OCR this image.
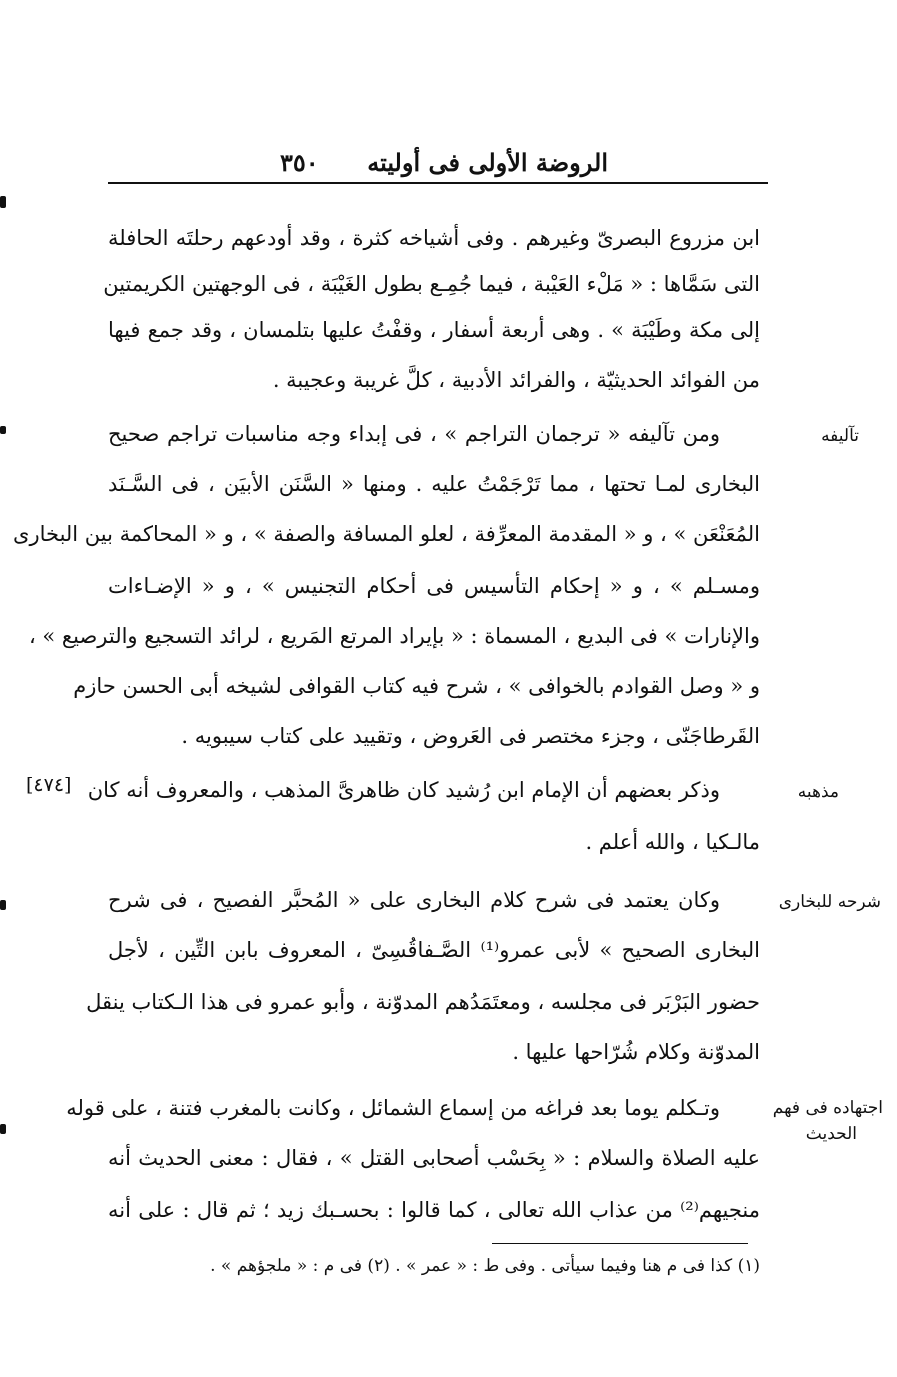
الروضة الأولى فى أوليته
٣٥٠
ابن مزروع البصرىّ وغيرهم . وفى أشياخه كثرة ، وقد أودعهم رحلتَه الحافلة
التى سَمَّاها : « مَلْء العَيْبة ، فيما جُمِـع بطول الغَيْبَة ، فى الوجهتين الكريمتين
إلى مكة وطَيْبَة » . وهى أربعة أسفار ، وقفْتُ عليها بتلمسان ، وقد جمع فيها
من الفوائد الحديثيّة ، والفرائد الأدبية ، كلَّ غريبة وعجيبة .
ومن تآليفه « ترجمان التراجم » ، فى إبداء وجه مناسبات تراجم صحيح
البخارى لمـا تحتها ، مما تَرْجَمْتُ عليه . ومنها « السَّنَن الأبيَن ، فى السَّـنَد
المُعَنْعَن » ، و « المقدمة المعرِّفة ، لعلو المسافة والصفة » ، و « المحاكمة بين البخارى
ومسـلم » ، و « إحكام التأسيس فى أحكام التجنيس » ، و « الإضـاءات
والإنارات » فى البديع ، المسماة : « بإيراد المرتع المَريع ، لرائد التسجيع والترصيع » ،
و « وصل القوادم بالخوافى » ، شرح فيه كتاب القوافى لشيخه أبى الحسن حازم
القَرطاجَنّى ، وجزء مختصر فى العَروض ، وتقييد على كتاب سيبويه .
وذكر بعضهم أن الإمام ابن رُشيد كان ظاهرىَّ المذهب ، والمعروف أنه كان
مالـكيا ، والله أعلم .
وكان يعتمد فى شرح كلام البخارى على « المُحبَّر الفصيح ، فى شرح
البخارى الصحيح » لأبى عمرو⁽¹⁾ الصَّـفاقُسِىّ ، المعروف بابن التِّين ، لأجل
حضور البَرْبَر فى مجلسه ، ومعتَمَدُهم المدوّنة ، وأبو عمرو فى هذا الـكتاب ينقل
المدوّنة وكلام شُرّاحها عليها .
وتـكلم يوما بعد فراغه من إسماع الشمائل ، وكانت بالمغرب فتنة ، على قوله
عليه الصلاة والسلام : « بِحَسْب أصحابى القتل » ، فقال : معنى الحديث أنه
منجيهم⁽²⁾ من عذاب الله تعالى ، كما قالوا : بحسـبك زيد ؛ ثم قال : على أنه
تآليفه
مذهبه
شرحه للبخارى
اجتهاده فى فهم
الحديث
[٤٧٤]
(١) كذا فى م هنا وفيما سيأتى . وفى ط : « عمر » . (٢) فى م : « ملجؤهم » .
